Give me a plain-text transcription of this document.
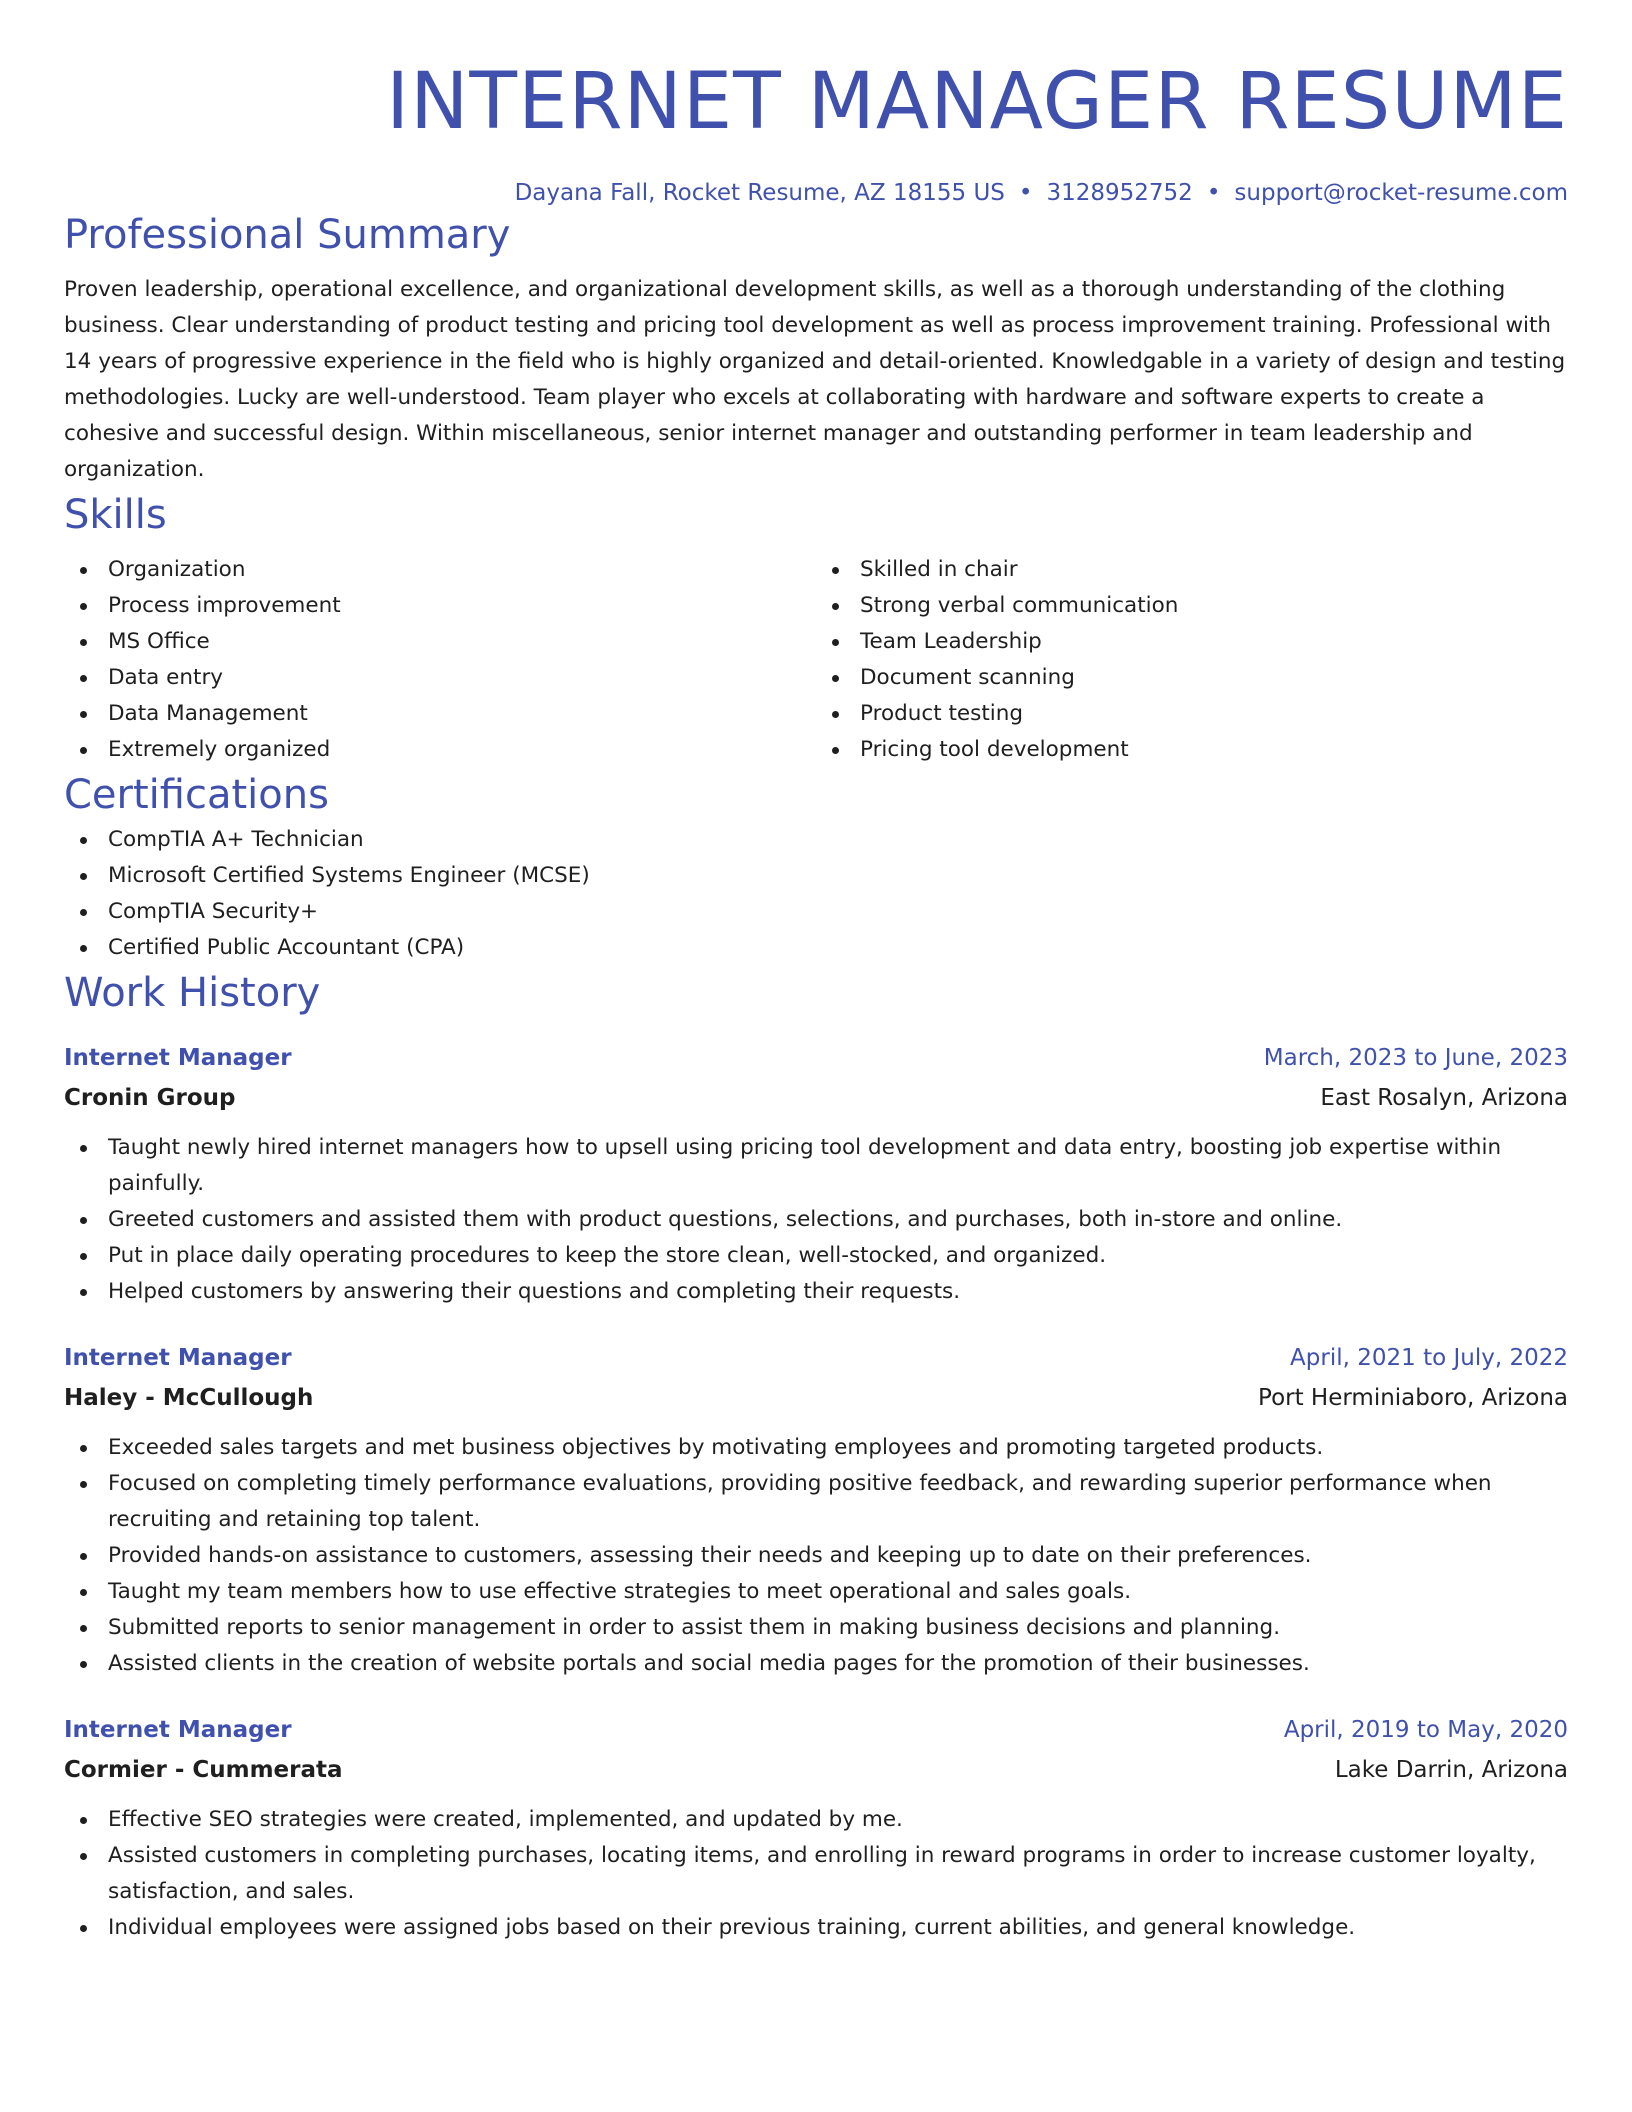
INTERNET MANAGER RESUME
Dayana Fall, Rocket Resume, AZ 18155 US • 3128952752 • support@rocket-resume.com
Professional Summary

Proven leadership, operational excellence, and organizational development skills, as well as a thorough understanding of the clothing business. Clear understanding of product testing and pricing tool development as well as process improvement training. Professional with 14 years of progressive experience in the field who is highly organized and detail-oriented. Knowledgable in a variety of design and testing methodologies. Lucky are well-understood. Team player who excels at collaborating with hardware and software experts to create a cohesive and successful design. Within miscellaneous, senior internet manager and outstanding performer in team leadership and organization.

Skills
Organization
Process improvement
MS Office
Data entry
Data Management
Extremely organized
Skilled in chair
Strong verbal communication
Team Leadership
Document scanning
Product testing
Pricing tool development
Certifications
CompTIA A+ Technician
Microsoft Certified Systems Engineer (MCSE)
CompTIA Security+
Certified Public Accountant (CPA)
Work History
Internet Manager	March, 2023 to June, 2023
Cronin Group	East Rosalyn, Arizona
Taught newly hired internet managers how to upsell using pricing tool development and data entry, boosting job expertise within painfully.
Greeted customers and assisted them with product questions, selections, and purchases, both in-store and online.
Put in place daily operating procedures to keep the store clean, well-stocked, and organized.
Helped customers by answering their questions and completing their requests.
Internet Manager	April, 2021 to July, 2022
Haley - McCullough	Port Herminiaboro, Arizona
Exceeded sales targets and met business objectives by motivating employees and promoting targeted products.
Focused on completing timely performance evaluations, providing positive feedback, and rewarding superior performance when recruiting and retaining top talent.
Provided hands-on assistance to customers, assessing their needs and keeping up to date on their preferences.
Taught my team members how to use effective strategies to meet operational and sales goals.
Submitted reports to senior management in order to assist them in making business decisions and planning.
Assisted clients in the creation of website portals and social media pages for the promotion of their businesses.
Internet Manager	April, 2019 to May, 2020
Cormier - Cummerata	Lake Darrin, Arizona
Effective SEO strategies were created, implemented, and updated by me.
Assisted customers in completing purchases, locating items, and enrolling in reward programs in order to increase customer loyalty, satisfaction, and sales.
Individual employees were assigned jobs based on their previous training, current abilities, and general knowledge.
